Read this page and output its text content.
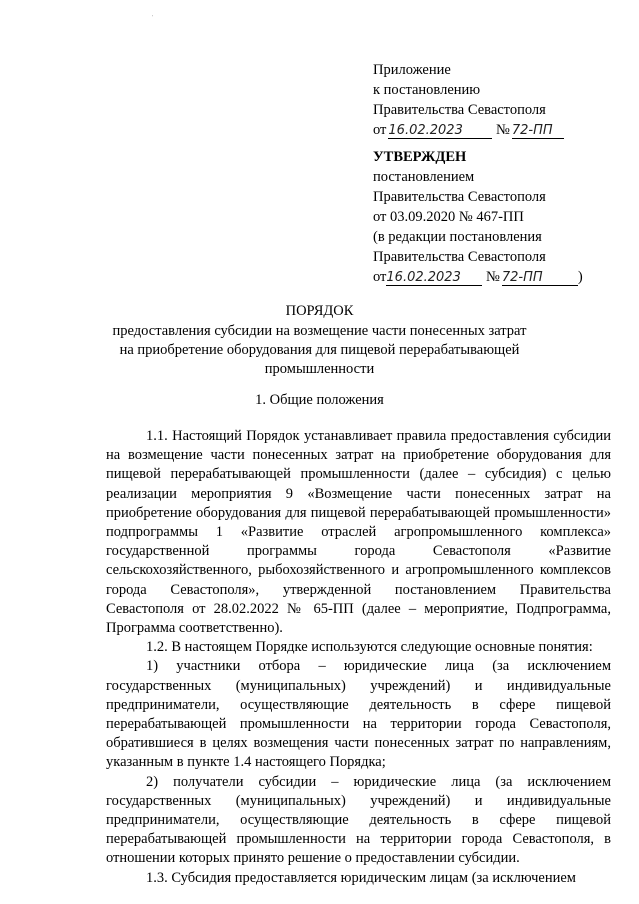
'
Приложение
к постановлению
Правительства Севастополя
от 16.02.2023 № 72-ПП
УТВЕРЖДЕН
постановлением
Правительства Севастополя
от 03.09.2020 № 467-ПП
(в редакции постановления
Правительства Севастополя
от16.02.2023 № 72-ПП )
ПОРЯДОК
предоставления субсидии на возмещение части понесенных затрат
на приобретение оборудования для пищевой перерабатывающей
промышленности
1. Общие положения

1.1. Настоящий Порядок устанавливает правила предоставления субсидии на возмещение части понесенных затрат на приобретение оборудования для пищевой перерабатывающей промышленности (далее – субсидия) с целью реализации мероприятия 9 «Возмещение части понесенных затрат на приобретение оборудования для пищевой перерабатывающей промышленности» подпрограммы 1 «Развитие отраслей агропромышленного комплекса» государственной программы города Севастополя «Развитие сельскохозяйственного, рыбохозяйственного и агропромышленного комплексов города Севастополя», утвержденной постановлением Правительства Севастополя от 28.02.2022 № 65-ПП (далее – мероприятие, Подпрограмма, Программа соответственно).

1.2. В настоящем Порядке используются следующие основные понятия:

1) участники отбора – юридические лица (за исключением государственных (муниципальных) учреждений) и индивидуальные предприниматели, осуществляющие деятельность в сфере пищевой перерабатывающей промышленности на территории города Севастополя, обратившиеся в целях возмещения части понесенных затрат по направлениям, указанным в пункте 1.4 настоящего Порядка;

2) получатели субсидии – юридические лица (за исключением государственных (муниципальных) учреждений) и индивидуальные предприниматели, осуществляющие деятельность в сфере пищевой перерабатывающей промышленности на территории города Севастополя, в отношении которых принято решение о предоставлении субсидии.

1.3. Субсидия предоставляется юридическим лицам (за исключением
